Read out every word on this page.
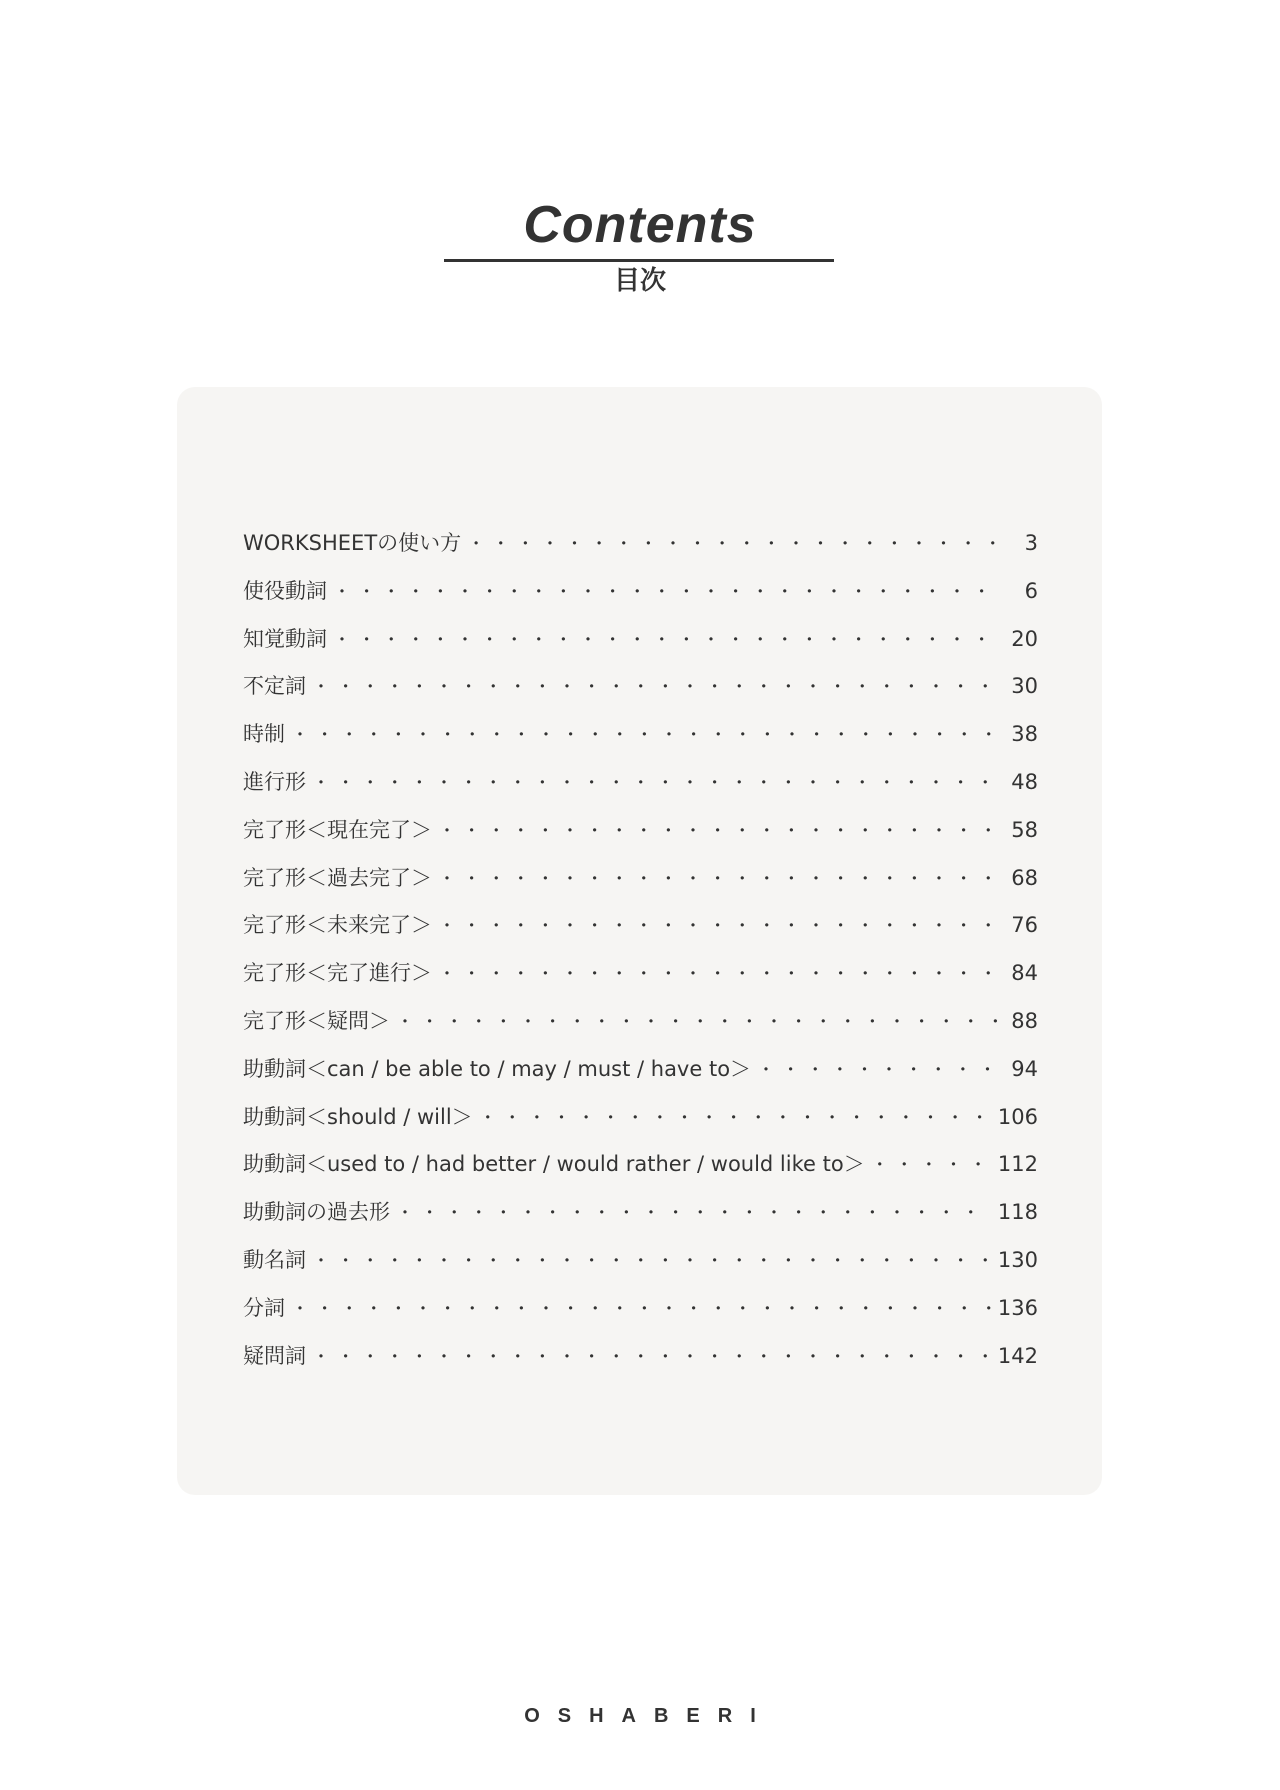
Contents
目次
WORKSHEETの使い方 ・・・・・・・・・・・・・・・・・・・・・・・・・・・・・・・・・・・・・・・・・・・・・・・・・・・・・・・・・・・・・・・・・・・・・・	3
使役動詞 ・・・・・・・・・・・・・・・・・・・・・・・・・・・・・・・・・・・・・・・・・・・・・・・・・・・・・・・・・・・・・・・・・・・・・・	6
知覚動詞 ・・・・・・・・・・・・・・・・・・・・・・・・・・・・・・・・・・・・・・・・・・・・・・・・・・・・・・・・・・・・・・・・・・・・・・	20
不定詞 ・・・・・・・・・・・・・・・・・・・・・・・・・・・・・・・・・・・・・・・・・・・・・・・・・・・・・・・・・・・・・・・・・・・・・・	30
時制 ・・・・・・・・・・・・・・・・・・・・・・・・・・・・・・・・・・・・・・・・・・・・・・・・・・・・・・・・・・・・・・・・・・・・・・	38
進行形 ・・・・・・・・・・・・・・・・・・・・・・・・・・・・・・・・・・・・・・・・・・・・・・・・・・・・・・・・・・・・・・・・・・・・・・	48
完了形＜現在完了＞ ・・・・・・・・・・・・・・・・・・・・・・・・・・・・・・・・・・・・・・・・・・・・・・・・・・・・・・・・・・・・・・・・・・・・・・	58
完了形＜過去完了＞ ・・・・・・・・・・・・・・・・・・・・・・・・・・・・・・・・・・・・・・・・・・・・・・・・・・・・・・・・・・・・・・・・・・・・・・	68
完了形＜未来完了＞ ・・・・・・・・・・・・・・・・・・・・・・・・・・・・・・・・・・・・・・・・・・・・・・・・・・・・・・・・・・・・・・・・・・・・・・	76
完了形＜完了進行＞ ・・・・・・・・・・・・・・・・・・・・・・・・・・・・・・・・・・・・・・・・・・・・・・・・・・・・・・・・・・・・・・・・・・・・・・	84
完了形＜疑問＞ ・・・・・・・・・・・・・・・・・・・・・・・・・・・・・・・・・・・・・・・・・・・・・・・・・・・・・・・・・・・・・・・・・・・・・・	88
助動詞＜can / be able to / may / must / have to＞ ・・・・・・・・・・・・・・・・・・・・・・・・・・・・・・・・・・・・・・・・・・・・・・・・・・・・・・・・・・・・・・・・・・・・・・	94
助動詞＜should / will＞ ・・・・・・・・・・・・・・・・・・・・・・・・・・・・・・・・・・・・・・・・・・・・・・・・・・・・・・・・・・・・・・・・・・・・・・	106
助動詞＜used to / had better / would rather / would like to＞ ・・・・・・・・・・・・・・・・・・・・・・・・・・・・・・・・・・・・・・・・・・・・・・・・・・・・・・・・・・・・・・・・・・・・・・	112
助動詞の過去形 ・・・・・・・・・・・・・・・・・・・・・・・・・・・・・・・・・・・・・・・・・・・・・・・・・・・・・・・・・・・・・・・・・・・・・・	118
動名詞 ・・・・・・・・・・・・・・・・・・・・・・・・・・・・・・・・・・・・・・・・・・・・・・・・・・・・・・・・・・・・・・・・・・・・・・	130
分詞 ・・・・・・・・・・・・・・・・・・・・・・・・・・・・・・・・・・・・・・・・・・・・・・・・・・・・・・・・・・・・・・・・・・・・・・	136
疑問詞 ・・・・・・・・・・・・・・・・・・・・・・・・・・・・・・・・・・・・・・・・・・・・・・・・・・・・・・・・・・・・・・・・・・・・・・	142
OSHABERI
